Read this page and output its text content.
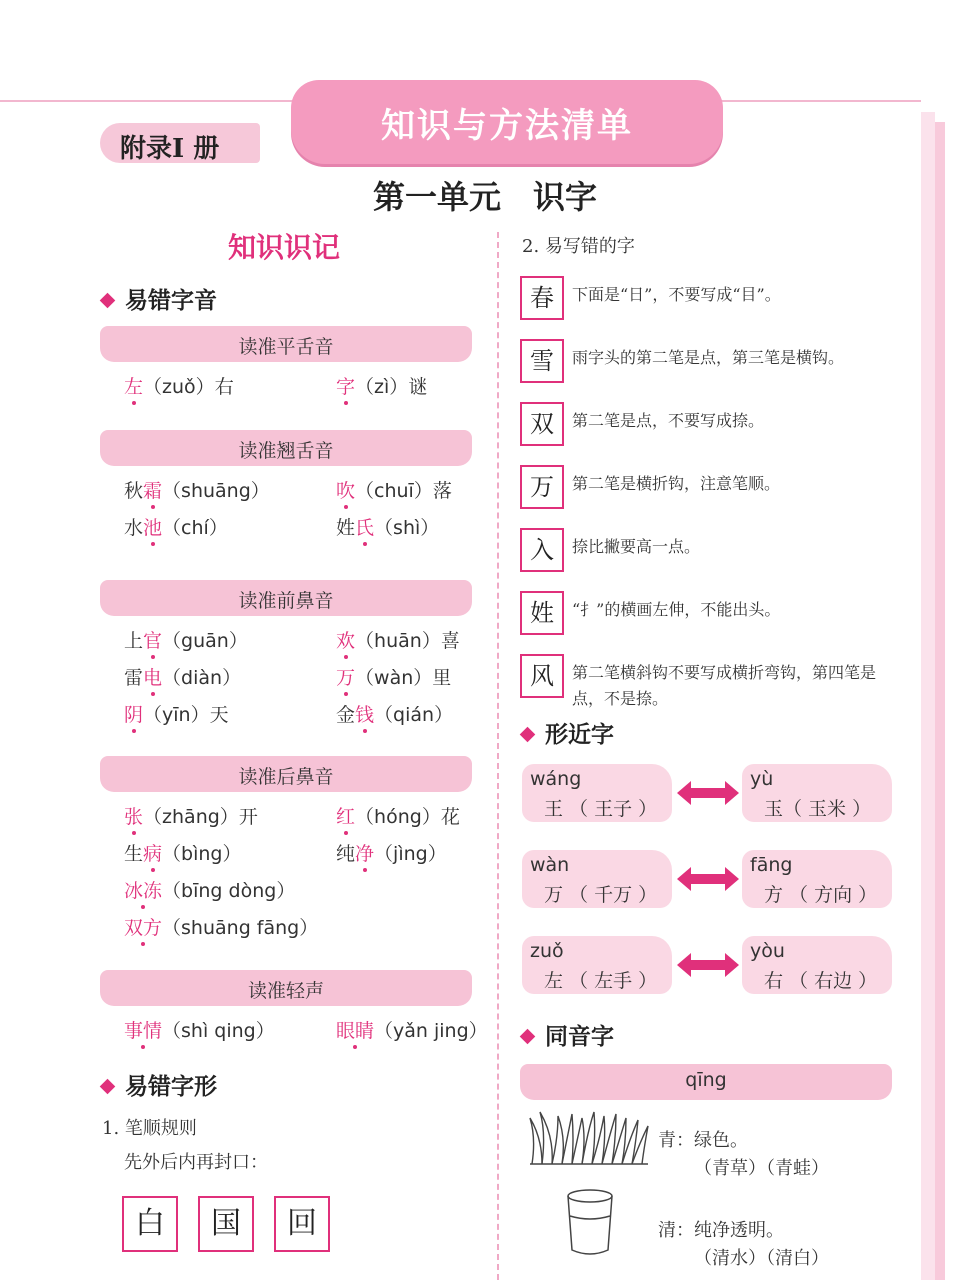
知识与方法清单
附录Ⅰ 册
第一单元　识字
知识识记
易错字音
读准平舌音
左（zuǒ）右	字（zì）谜
读准翘舌音
秋霜（shuāng）	吹（chuī）落
水池（chí）	姓氏（shì）
读准前鼻音
上官（guān）	欢（huān）喜
雷电（diàn）	万（wàn）里
阴（yīn）天	金钱（qián）
读准后鼻音
张（zhāng）开	红（hóng）花
生病（bìng）	纯净（jìng）
冰冻（bīng dòng）
双方（shuāng fāng）
读准轻声
事情（shì qing）	眼睛（yǎn jing）
易错字形
1. 笔顺规则
先外后内再封口：
白	国	回
2. 易写错的字
春	下面是“日”，不要写成“目”。
雪	雨字头的第二笔是点，第三笔是横钩。
双	第二笔是点，不要写成捺。
万	第二笔是横折钩，注意笔顺。
入	捺比撇要高一点。
姓	“扌”的横画左伸，不能出头。
风	第二笔横斜钩不要写成横折弯钩，第四笔是点，不是捺。
形近字
wáng
王 （ 王子 ）
yù
玉（ 玉米 ）
wàn
万 （ 千万 ）
fāng
方 （ 方向 ）
zuǒ
左 （ 左手 ）
yòu
右 （ 右边 ）
同音字
qīng
青：绿色。
（青草）（青蛙）
清：纯净透明。
（清水）（清白）
